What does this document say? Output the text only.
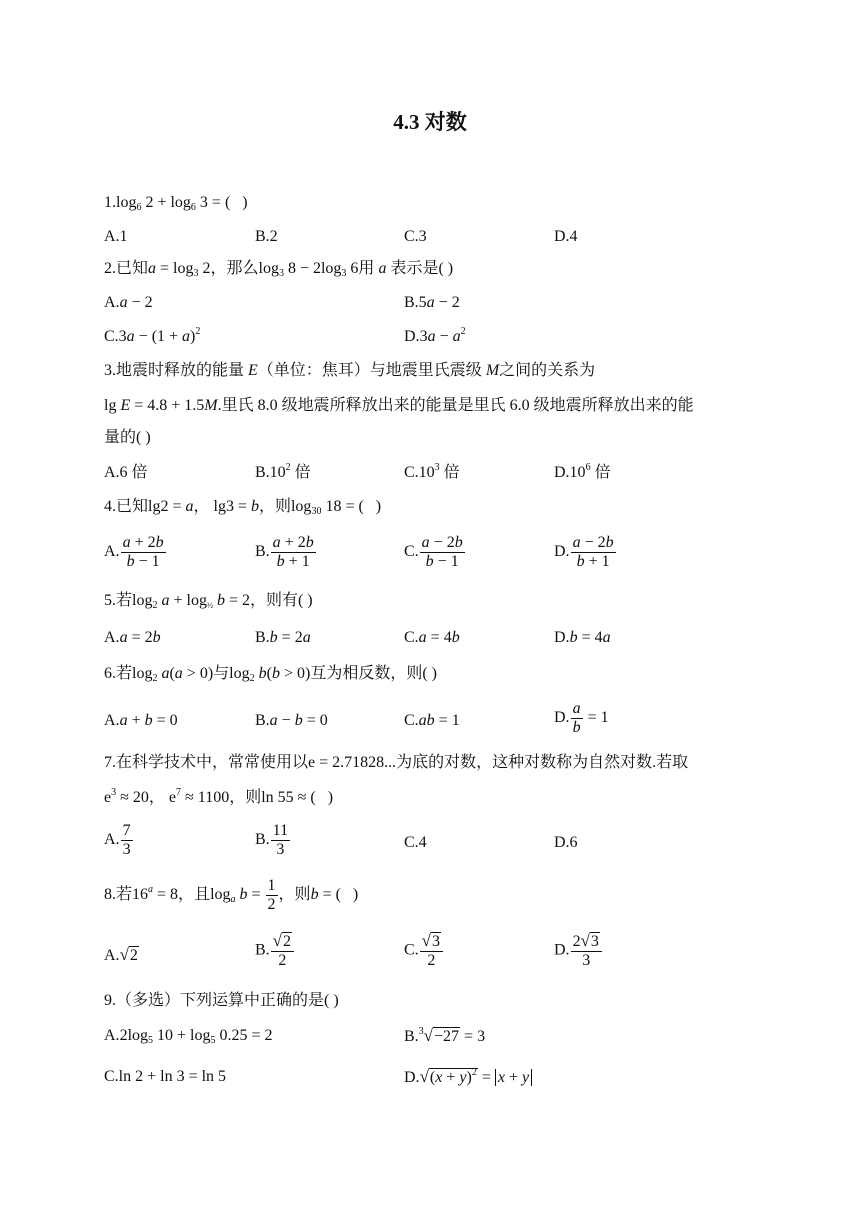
4.3 对数
$1.\log_6$ $2 + \log_6 3$ = (   )
A.1	B.2	C.3	D.4
2.已知$a = \log_3 2$，那么$\log_3 8 - 2\log_3$ 6用 a 表示是( )
A.a − 2	B.5a − 2
$C.3a - (1 + a)^2$	$D.3a - a^2$
3.地震时释放的能量 E（单位：焦耳）与地震里氏震级 M之间的关系为
lg E = 4.8 + 1.5M.里氏 8.0 级地震所释放出来的能量是里氏 6.0 级地震所释放出来的能
量的( )
A.6 倍	$B.10^2$ 倍	$C.10^3$ 倍	$D.10^6$ 倍
4.已知lg2 = a， lg3 = b，则$\log_{30} 18$ = (   )
A. $\frac{a + 2b}{b - 1}$	B. $\frac{a + 2b}{b + 1}$	C. $\frac{a - 2b}{b - 1}$	D. $\frac{a - 2b}{b + 1}$
5.若$\log_2 a + \log_{\frac{1}{2}} b = 2$，则有( )
A.a = 2b	B.b = 2a	C.a = 4b	D.b = 4a
6.若$\log_2 a(a > 0)$与$\log_2 b(b > 0)$互为相反数，则( )
A.a + b = 0	B.a − b = 0	C.ab = 1	D. $\frac{a}{b} = 1$
7.在科学技术中，常常使用以e = 2.71828...为底的对数，这种对数称为自然对数.若取
$e^3 \approx 20$， $e^7 \approx 1100$，则ln 55 ≈ (   )
A. $\frac{7}{3}$	B. $\frac{11}{3}$	C.4	D.6
8.若$16^a = 8$，且$\log_a b = \frac{1}{2}$ ，则b = (   )
A.√2	B. $\frac{√2}{2}$	C. $\frac{√3}{2}$	D. $\frac{2√3}{3}$
9.（多选）下列运算中正确的是( )
$A.2\log_5$ $10 + \log_5 0.25 = 2$	B.$^3$√−27 = 3
C.ln 2 + ln 3 = ln 5	$D.√(x + y)^2 = x + y$
